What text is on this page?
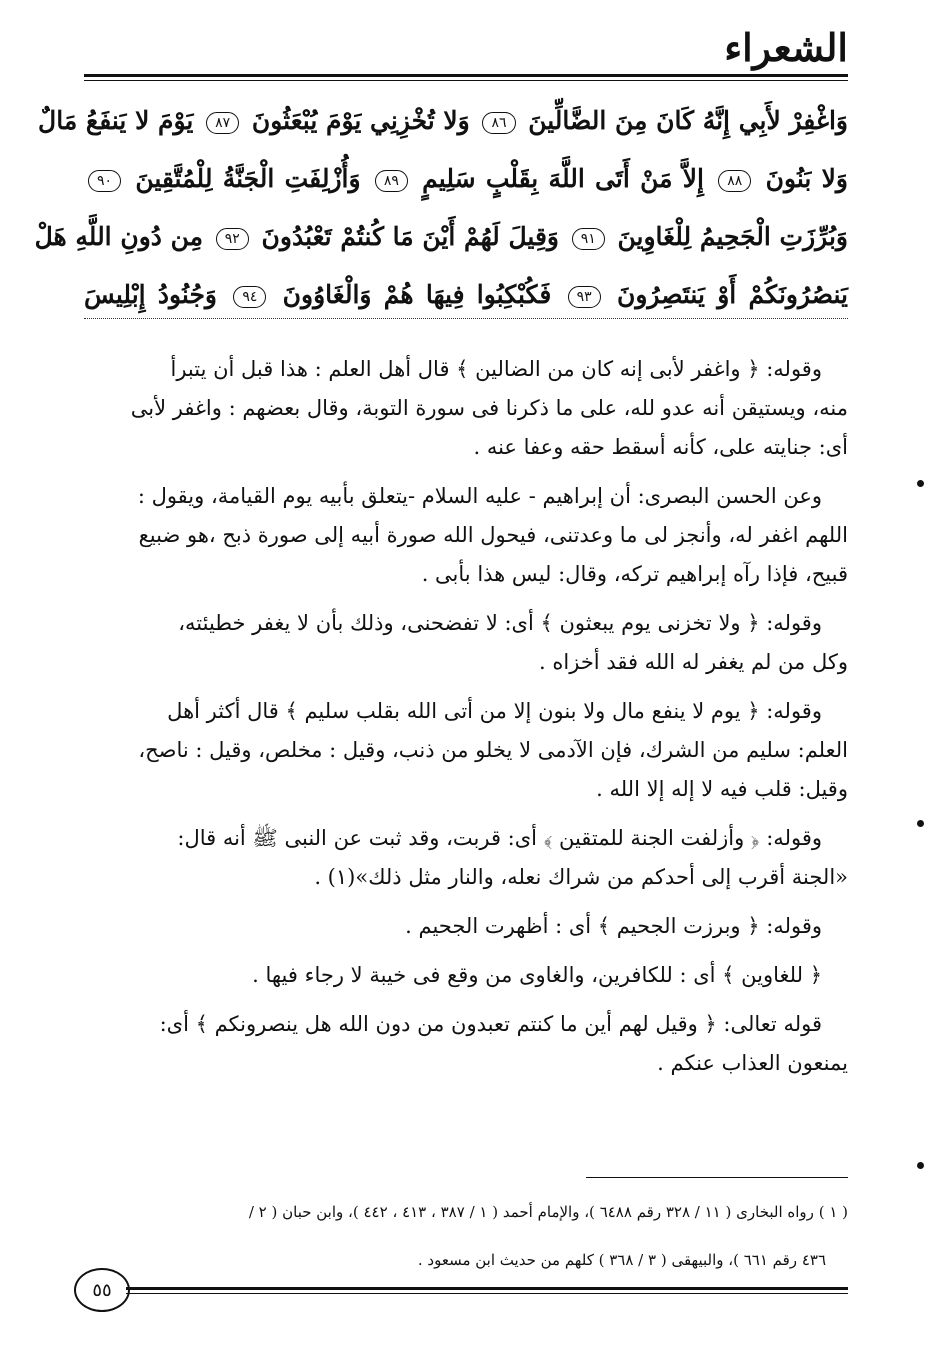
الشعراء
وَاغْفِرْ لأَبِي إِنَّهُ كَانَ مِنَ الضَّالِّينَ ٨٦ وَلا تُخْزِنِي يَوْمَ يُبْعَثُونَ ٨٧ يَوْمَ لا يَنفَعُ مَالٌ
وَلا بَنُونَ ٨٨ إِلاَّ مَنْ أَتَى اللَّهَ بِقَلْبٍ سَلِيمٍ ٨٩ وَأُزْلِفَتِ الْجَنَّةُ لِلْمُتَّقِينَ ٩٠
وَبُرِّزَتِ الْجَحِيمُ لِلْغَاوِينَ ٩١ وَقِيلَ لَهُمْ أَيْنَ مَا كُنتُمْ تَعْبُدُونَ ٩٢ مِن دُونِ اللَّهِ هَلْ
يَنصُرُونَكُمْ أَوْ يَنتَصِرُونَ ٩٣ فَكُبْكِبُوا فِيهَا هُمْ وَالْغَاوُونَ ٩٤ وَجُنُودُ إِبْلِيسَ
وقوله: ﴿ واغفر لأبى إنه كان من الضالين ﴾ قال أهل العلم : هذا قبل أن يتبرأ
منه، ويستيقن أنه عدو لله، على ما ذكرنا فى سورة التوبة، وقال بعضهم : واغفر لأبى
أى: جنايته على، كأنه أسقط حقه وعفا عنه .
وعن الحسن البصرى: أن إبراهيم - عليه السلام -يتعلق بأبيه يوم القيامة، ويقول :
اللهم اغفر له، وأنجز لى ما وعدتنى، فيحول الله صورة أبيه إلى صورة ذبح ،هو ضبيع
قبيح، فإذا رآه إبراهيم تركه، وقال: ليس هذا بأبى .
وقوله: ﴿ ولا تخزنى يوم يبعثون ﴾ أى: لا تفضحنى، وذلك بأن لا يغفر خطيئته،
وكل من لم يغفر له الله فقد أخزاه .
وقوله: ﴿ يوم لا ينفع مال ولا بنون إلا من أتى الله بقلب سليم ﴾ قال أكثر أهل
العلم: سليم من الشرك، فإن الآدمى لا يخلو من ذنب، وقيل : مخلص، وقيل : ناصح،
وقيل: قلب فيه لا إله إلا الله .
وقوله: ﴿ وأزلفت الجنة للمتقين ﴾ أى: قربت، وقد ثبت عن النبى ﷺ أنه قال:
«الجنة أقرب إلى أحدكم من شراك نعله، والنار مثل ذلك»(١) .
وقوله: ﴿ وبرزت الجحيم ﴾ أى : أظهرت الجحيم .
﴿ للغاوين ﴾ أى : للكافرين، والغاوى من وقع فى خيبة لا رجاء فيها .
قوله تعالى: ﴿ وقيل لهم أين ما كنتم تعبدون من دون الله هل ينصرونكم ﴾ أى:
يمنعون العذاب عنكم .
( ١ ) رواه البخارى ( ١١ / ٣٢٨ رقم ٦٤٨٨ )، والإمام أحمد ( ١ / ٣٨٧ ، ٤١٣ ، ٤٤٢ )، وابن حبان ( ٢ /
٤٣٦ رقم ٦٦١ )، والبيهقى ( ٣ / ٣٦٨ ) كلهم من حديث ابن مسعود .
٥٥
